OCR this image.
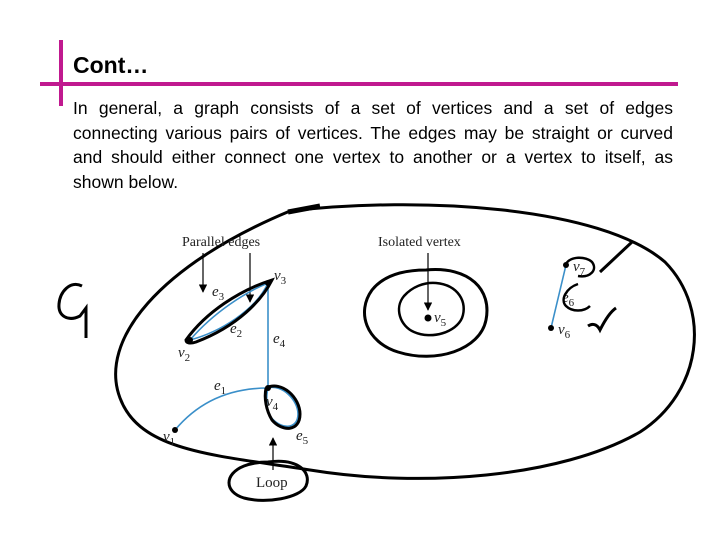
Cont…

In general, a graph consists of a set of vertices and a set of edges connecting various pairs of vertices. The edges may be straight or curved and should either connect one vertex to another or a vertex to itself, as shown below.

Parallel edges
$v_1$
$v_2$
$v_3$
$v_4$
$v_5$	$v_6$
$v_7$
$e_1$
$e_2$
$e_3$
$e_4$
$e_5$
$e_6$
Isolated vertex
Loop
